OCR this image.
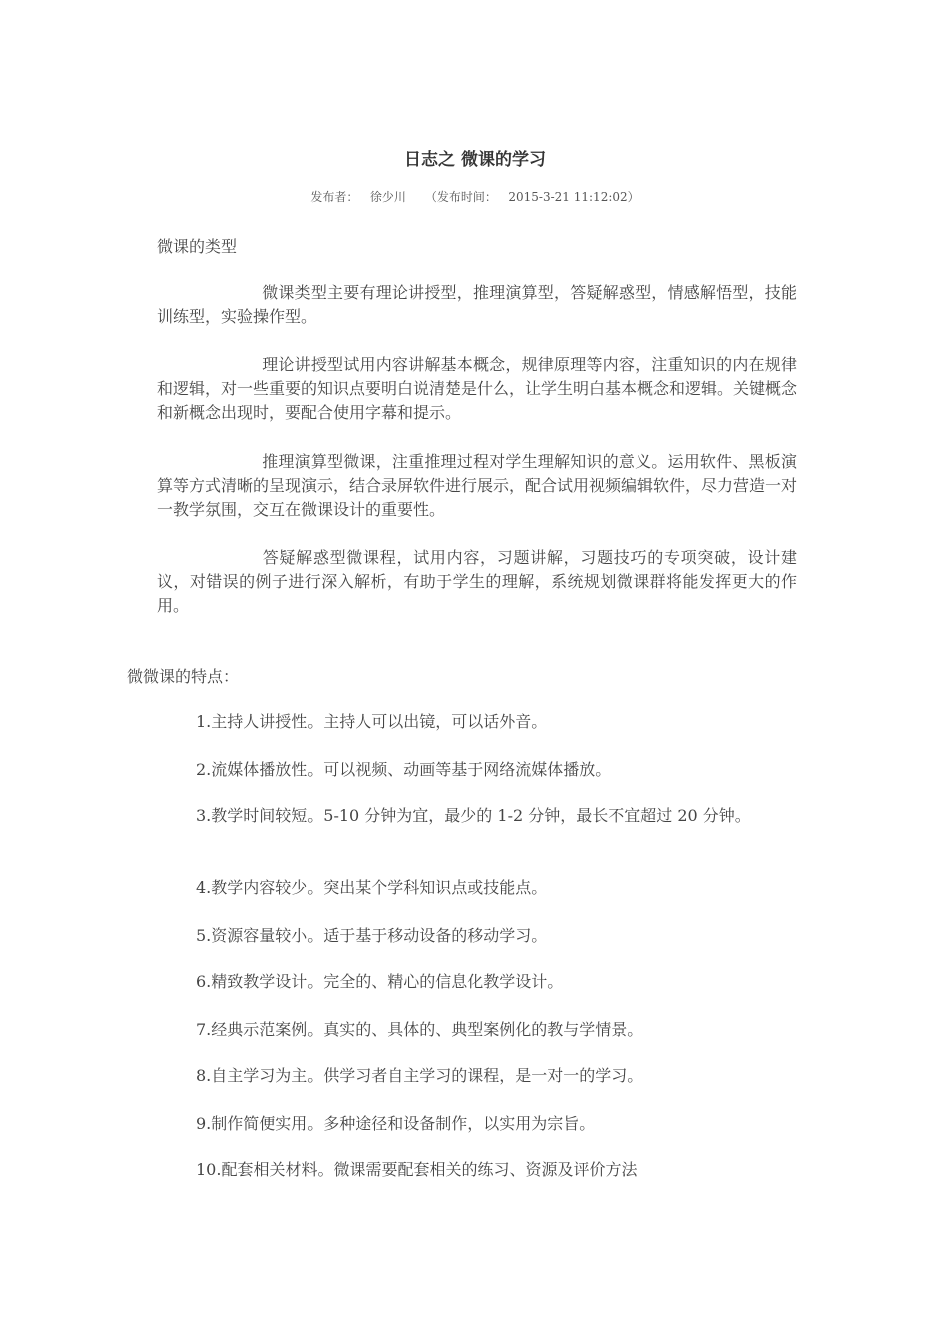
日志之 微课的学习
发布者： 徐少川 （发布时间： 2015-3-21 11:12:02）
微课的类型
微课类型主要有理论讲授型，推理演算型，答疑解惑型，情感解悟型，技能训练型，实验操作型。
理论讲授型试用内容讲解基本概念，规律原理等内容，注重知识的内在规律和逻辑，对一些重要的知识点要明白说清楚是什么，让学生明白基本概念和逻辑。关键概念和新概念出现时，要配合使用字幕和提示。
推理演算型微课，注重推理过程对学生理解知识的意义。运用软件、黑板演算等方式清晰的呈现演示，结合录屏软件进行展示，配合试用视频编辑软件，尽力营造一对一教学氛围，交互在微课设计的重要性。
答疑解惑型微课程，试用内容，习题讲解，习题技巧的专项突破，设计建议，对错误的例子进行深入解析，有助于学生的理解，系统规划微课群将能发挥更大的作用。
微微课的特点：
1.主持人讲授性。主持人可以出镜，可以话外音。
2.流媒体播放性。可以视频、动画等基于网络流媒体播放。
3.教学时间较短。5-10 分钟为宜，最少的 1-2 分钟，最长不宜超过 20 分钟。
4.教学内容较少。突出某个学科知识点或技能点。
5.资源容量较小。适于基于移动设备的移动学习。
6.精致教学设计。完全的、精心的信息化教学设计。
7.经典示范案例。真实的、具体的、典型案例化的教与学情景。
8.自主学习为主。供学习者自主学习的课程，是一对一的学习。
9.制作简便实用。多种途径和设备制作，以实用为宗旨。
10.配套相关材料。微课需要配套相关的练习、资源及评价方法
